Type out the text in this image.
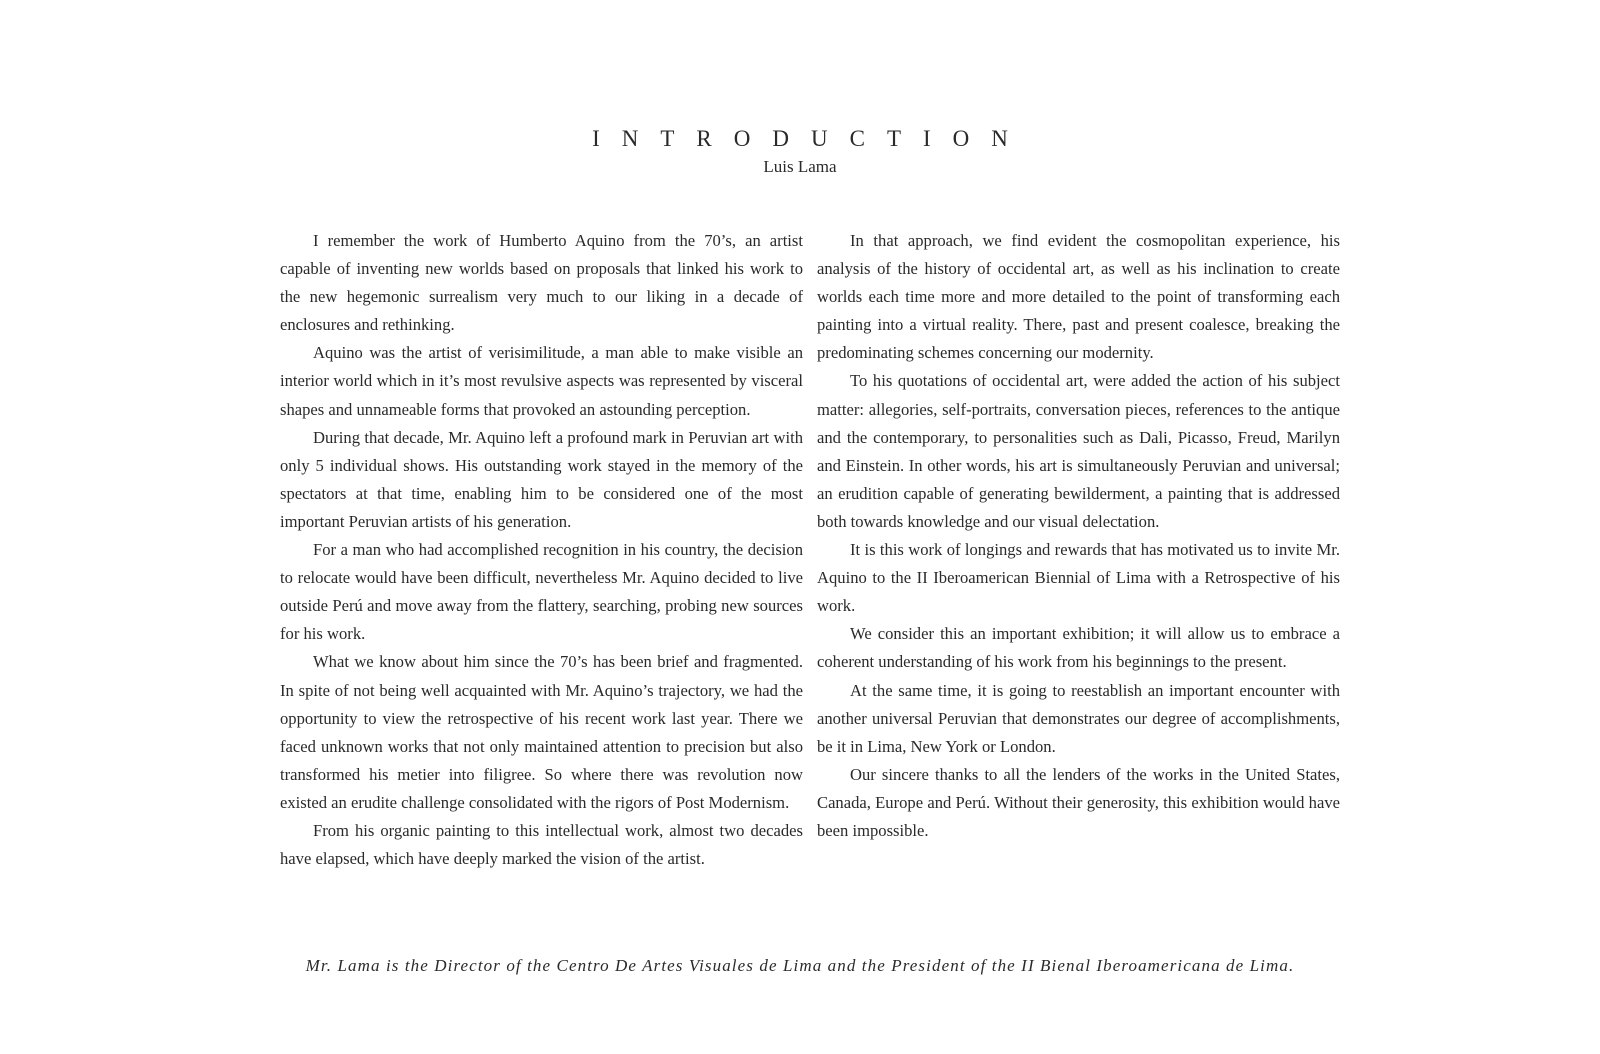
INTRODUCTION
Luis Lama

I remember the work of Humberto Aquino from the 70’s, an artist capable of inventing new worlds based on proposals that linked his work to the new hegemonic surrealism very much to our liking in a decade of enclosures and rethinking.

Aquino was the artist of verisimilitude, a man able to make visible an interior world which in it’s most revulsive aspects was represented by visceral shapes and unnameable forms that provoked an astounding perception.

During that decade, Mr. Aquino left a profound mark in Peruvian art with only 5 individual shows. His outstanding work stayed in the memory of the spectators at that time, enabling him to be considered one of the most important Peruvian artists of his generation.

For a man who had accomplished recognition in his country, the decision to relocate would have been difficult, nevertheless Mr. Aquino decided to live outside Perú and move away from the flattery, searching, probing new sources for his work.

What we know about him since the 70’s has been brief and fragmented. In spite of not being well acquainted with Mr. Aquino’s trajectory, we had the opportunity to view the retrospective of his recent work last year. There we faced unknown works that not only maintained attention to precision but also transformed his metier into filigree. So where there was revolution now existed an erudite challenge consolidated with the rigors of Post Modernism.

From his organic painting to this intellectual work, almost two decades have elapsed, which have deeply marked the vision of the artist.

In that approach, we find evident the cosmopolitan experience, his analysis of the history of occidental art, as well as his inclination to create worlds each time more and more detailed to the point of transforming each painting into a virtual reality. There, past and present coalesce, breaking the predominating schemes concerning our modernity.

To his quotations of occidental art, were added the action of his subject matter: allegories, self-portraits, conversation pieces, references to the antique and the contemporary, to personalities such as Dali, Picasso, Freud, Marilyn and Einstein. In other words, his art is simultaneously Peruvian and universal; an erudition capable of generating bewilderment, a painting that is addressed both towards knowledge and our visual delectation.

It is this work of longings and rewards that has motivated us to invite Mr. Aquino to the II Iberoamerican Biennial of Lima with a Retrospective of his work.

We consider this an important exhibition; it will allow us to embrace a coherent understanding of his work from his beginnings to the present.

At the same time, it is going to reestablish an important encounter with another universal Peruvian that demonstrates our degree of accomplishments, be it in Lima, New York or London.

Our sincere thanks to all the lenders of the works in the United States, Canada, Europe and Perú. Without their generosity, this exhibition would have been impossible.

Mr. Lama is the Director of the Centro De Artes Visuales de Lima and the President of the II Bienal Iberoamericana de Lima.
